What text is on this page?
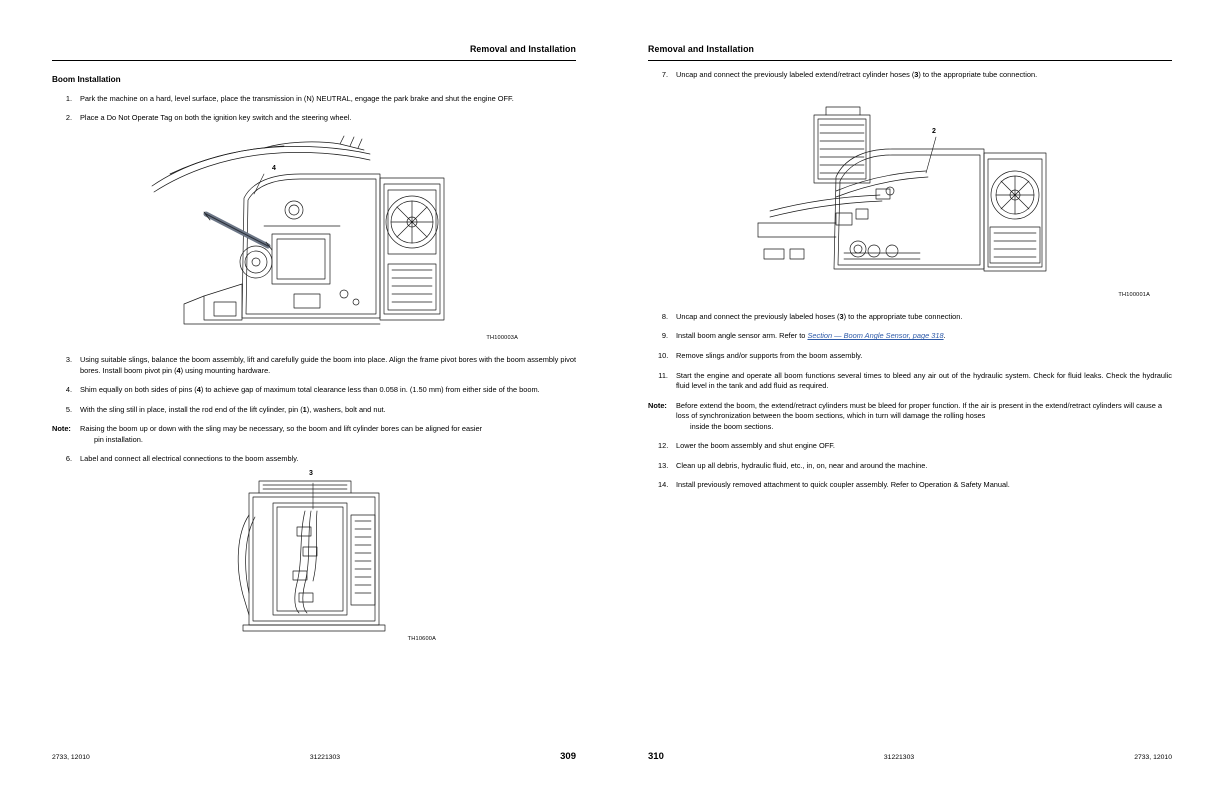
Removal and Installation
Boom Installation
1.	Park the machine on a hard, level surface, place the transmission in (N) NEUTRAL, engage the park brake and shut the engine OFF.
2.	Place a Do Not Operate Tag on both the ignition key switch and the steering wheel.
4
TH100003A
3.	Using suitable slings, balance the boom assembly, lift and carefully guide the boom into place. Align the frame pivot bores with the boom assembly pivot bores. Install boom pivot pin (4) using mounting hardware.
4.	Shim equally on both sides of pins (4) to achieve gap of maximum total clearance less than 0.058 in. (1.50 mm) from either side of the boom.
5.	With the sling still in place, install the rod end of the lift cylinder, pin (1), washers, bolt and nut.
Note:	Raising the boom up or down with the sling may be necessary, so the boom and lift cylinder bores can be aligned for easier
pin installation.
6.	Label and connect all electrical connections to the boom assembly.
3
TH10600A
2733, 12010	31221303	309
Removal and Installation
7.	Uncap and connect the previously labeled extend/retract cylinder hoses (3) to the appropriate tube connection.
2
TH100001A
8.	Uncap and connect the previously labeled hoses (3) to the appropriate tube connection.
9.	Install boom angle sensor arm. Refer to Section — Boom Angle Sensor, page 318.
10.	Remove slings and/or supports from the boom assembly.
11.	Start the engine and operate all boom functions several times to bleed any air out of the hydraulic system. Check for fluid leaks. Check the hydraulic fluid level in the tank and add fluid as required.
Note:	Before extend the boom, the extend/retract cylinders must be bleed for proper function. If the air is present in the extend/retract cylinders will cause a loss of synchronization between the boom sections, which in turn will damage the rolling hoses
inside the boom sections.
12.	Lower the boom assembly and shut engine OFF.
13.	Clean up all debris, hydraulic fluid, etc., in, on, near and around the machine.
14.	Install previously removed attachment to quick coupler assembly. Refer to Operation & Safety Manual.
310	31221303	2733, 12010
